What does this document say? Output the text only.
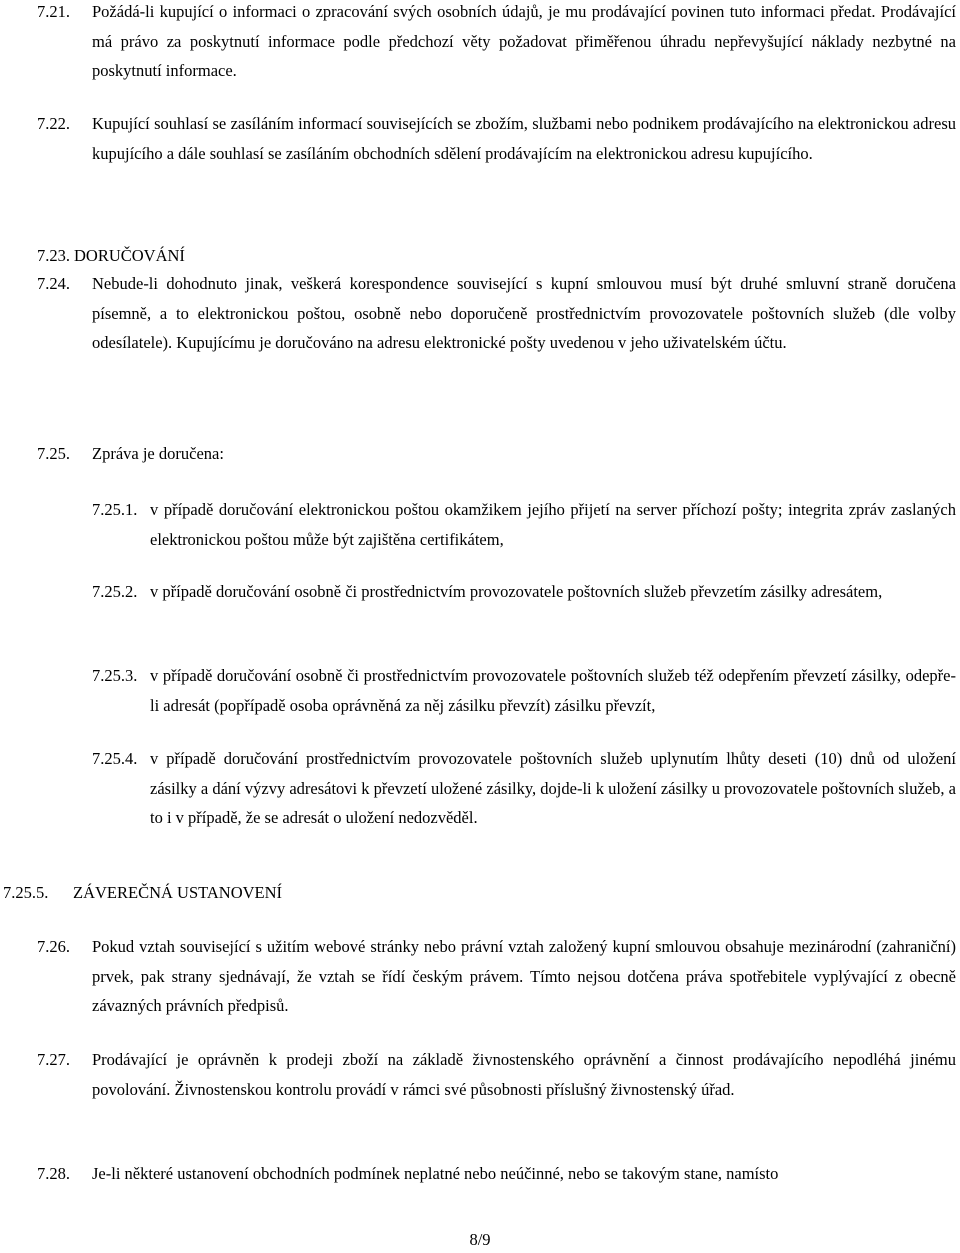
7.21. Požádá-li kupující o informaci o zpracování svých osobních údajů, je mu prodávající povinen tuto informaci předat. Prodávající má právo za poskytnutí informace podle předchozí věty požadovat přiměřenou úhradu nepřevyšující náklady nezbytné na poskytnutí informace.
7.22. Kupující souhlasí se zasíláním informací souvisejících se zbožím, službami nebo podnikem prodávajícího na elektronickou adresu kupujícího a dále souhlasí se zasíláním obchodních sdělení prodávajícím na elektronickou adresu kupujícího.
7.23. DORUČOVÁNÍ
7.24. Nebude-li dohodnuto jinak, veškerá korespondence související s kupní smlouvou musí být druhé smluvní straně doručena písemně, a to elektronickou poštou, osobně nebo doporučeně prostřednictvím provozovatele poštovních služeb (dle volby odesílatele). Kupujícímu je doručováno na adresu elektronické pošty uvedenou v jeho uživatelském účtu.
7.25. Zpráva je doručena:
7.25.1. v případě doručování elektronickou poštou okamžikem jejího přijetí na server příchozí pošty; integrita zpráv zaslaných elektronickou poštou může být zajištěna certifikátem,
7.25.2. v případě doručování osobně či prostřednictvím provozovatele poštovních služeb převzetím zásilky adresátem,
7.25.3. v případě doručování osobně či prostřednictvím provozovatele poštovních služeb též odepřením převzetí zásilky, odepře-li adresát (popřípadě osoba oprávněná za něj zásilku převzít) zásilku převzít,
7.25.4. v případě doručování prostřednictvím provozovatele poštovních služeb uplynutím lhůty deseti (10) dnů od uložení zásilky a dání výzvy adresátovi k převzetí uložené zásilky, dojde-li k uložení zásilky u provozovatele poštovních služeb, a to i v případě, že se adresát o uložení nedozvěděl.
7.25.5. ZÁVEREČNÁ USTANOVENÍ
7.26. Pokud vztah související s užitím webové stránky nebo právní vztah založený kupní smlouvou obsahuje mezinárodní (zahraniční) prvek, pak strany sjednávají, že vztah se řídí českým právem. Tímto nejsou dotčena práva spotřebitele vyplývající z obecně závazných právních předpisů.
7.27. Prodávající je oprávněn k prodeji zboží na základě živnostenského oprávnění a činnost prodávajícího nepodléhá jinému povolování. Živnostenskou kontrolu provádí v rámci své působnosti příslušný živnostenský úřad.
7.28. Je-li některé ustanovení obchodních podmínek neplatné nebo neúčinné, nebo se takovým stane, namísto
8/9
